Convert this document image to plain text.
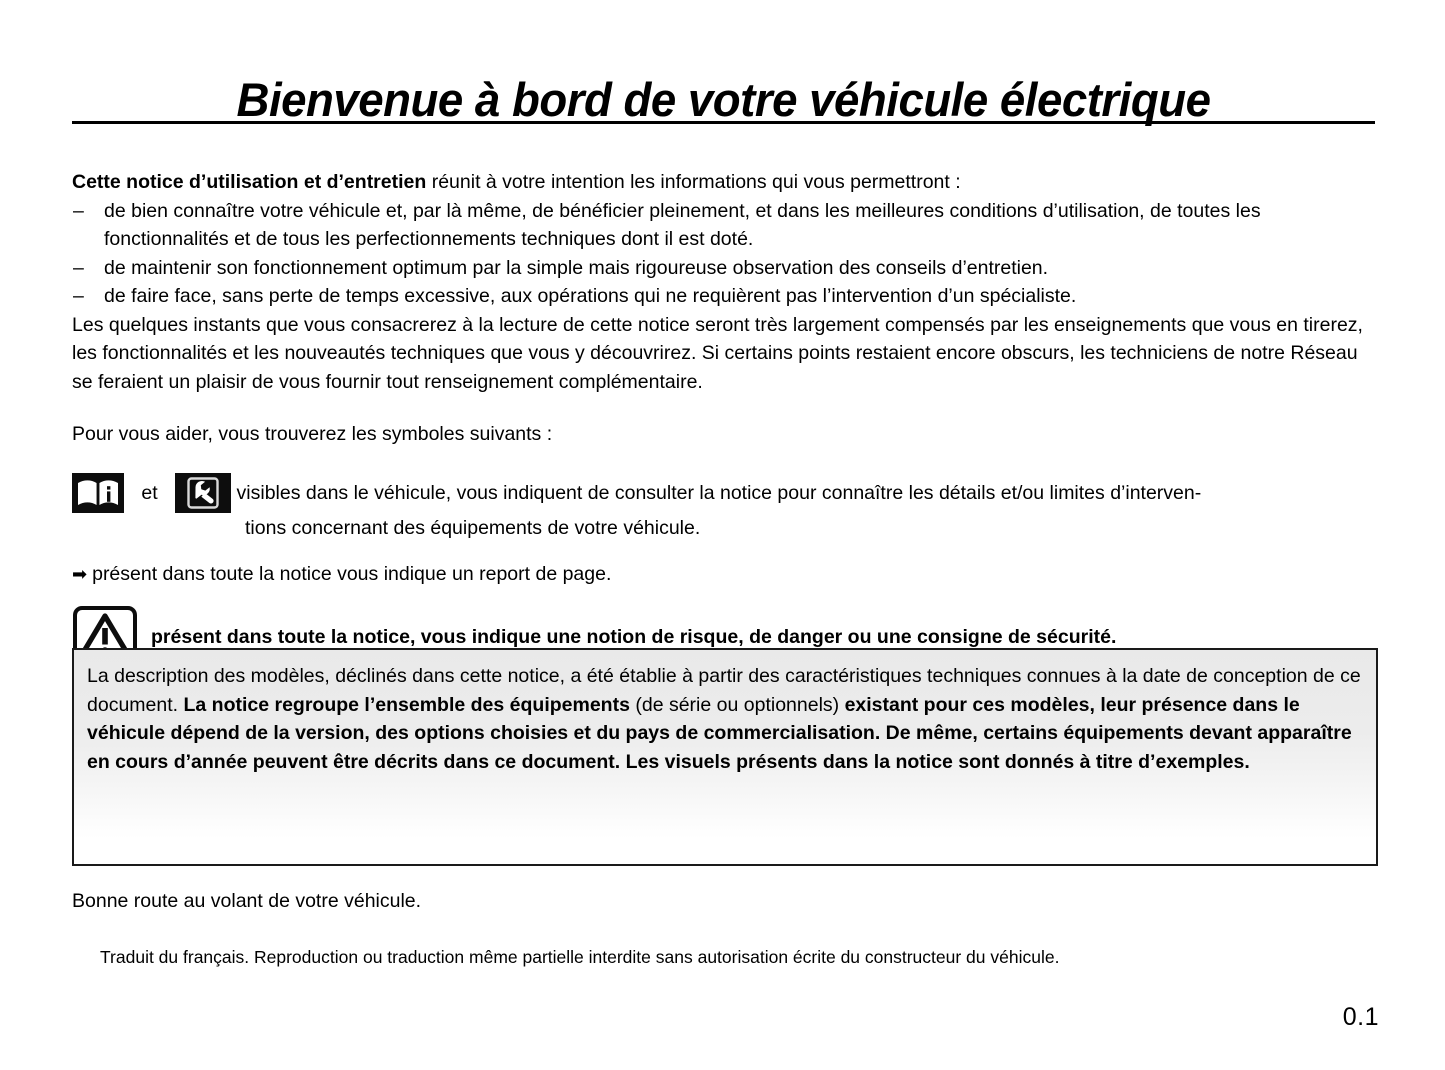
Bienvenue à bord de votre véhicule électrique

Cette notice d’utilisation et d’entretien réunit à votre intention les informations qui vous permettront :

– de bien connaître votre véhicule et, par là même, de bénéficier pleinement, et dans les meilleures conditions d’utilisation, de toutes les fonctionnalités et de tous les perfectionnements techniques dont il est doté.
– de maintenir son fonctionnement optimum par la simple mais rigoureuse observation des conseils d’entretien.
– de faire face, sans perte de temps excessive, aux opérations qui ne requièrent pas l’intervention d’un spécialiste.

Les quelques instants que vous consacrerez à la lecture de cette notice seront très largement compensés par les enseignements que vous en tirerez, les fonctionnalités et les nouveautés techniques que vous y découvrirez. Si certains points restaient encore obscurs, les techniciens de notre Réseau se feraient un plaisir de vous fournir tout renseignement complémentaire.

Pour vous aider, vous trouverez les symboles suivants :

et	visibles dans le véhicule, vous indiquent de consulter la notice pour connaître les détails et/ou limites d’interven-
tions concernant des équipements de votre véhicule.
➡ présent dans toute la notice vous indique un report de page.
présent dans toute la notice, vous indique une notion de risque, de danger ou une consigne de sécurité.
La description des modèles, déclinés dans cette notice, a été établie à partir des caractéristiques techniques connues à la date de conception de ce document. La notice regroupe l’ensemble des équipements (de série ou optionnels) existant pour ces modèles, leur présence dans le véhicule dépend de la version, des options choisies et du pays de commercialisation. De même, certains équipements devant apparaître en cours d’année peuvent être décrits dans ce document. Les visuels présents dans la notice sont donnés à titre d’exemples.
Bonne route au volant de votre véhicule.
Traduit du français. Reproduction ou traduction même partielle interdite sans autorisation écrite du constructeur du véhicule.
0.1
